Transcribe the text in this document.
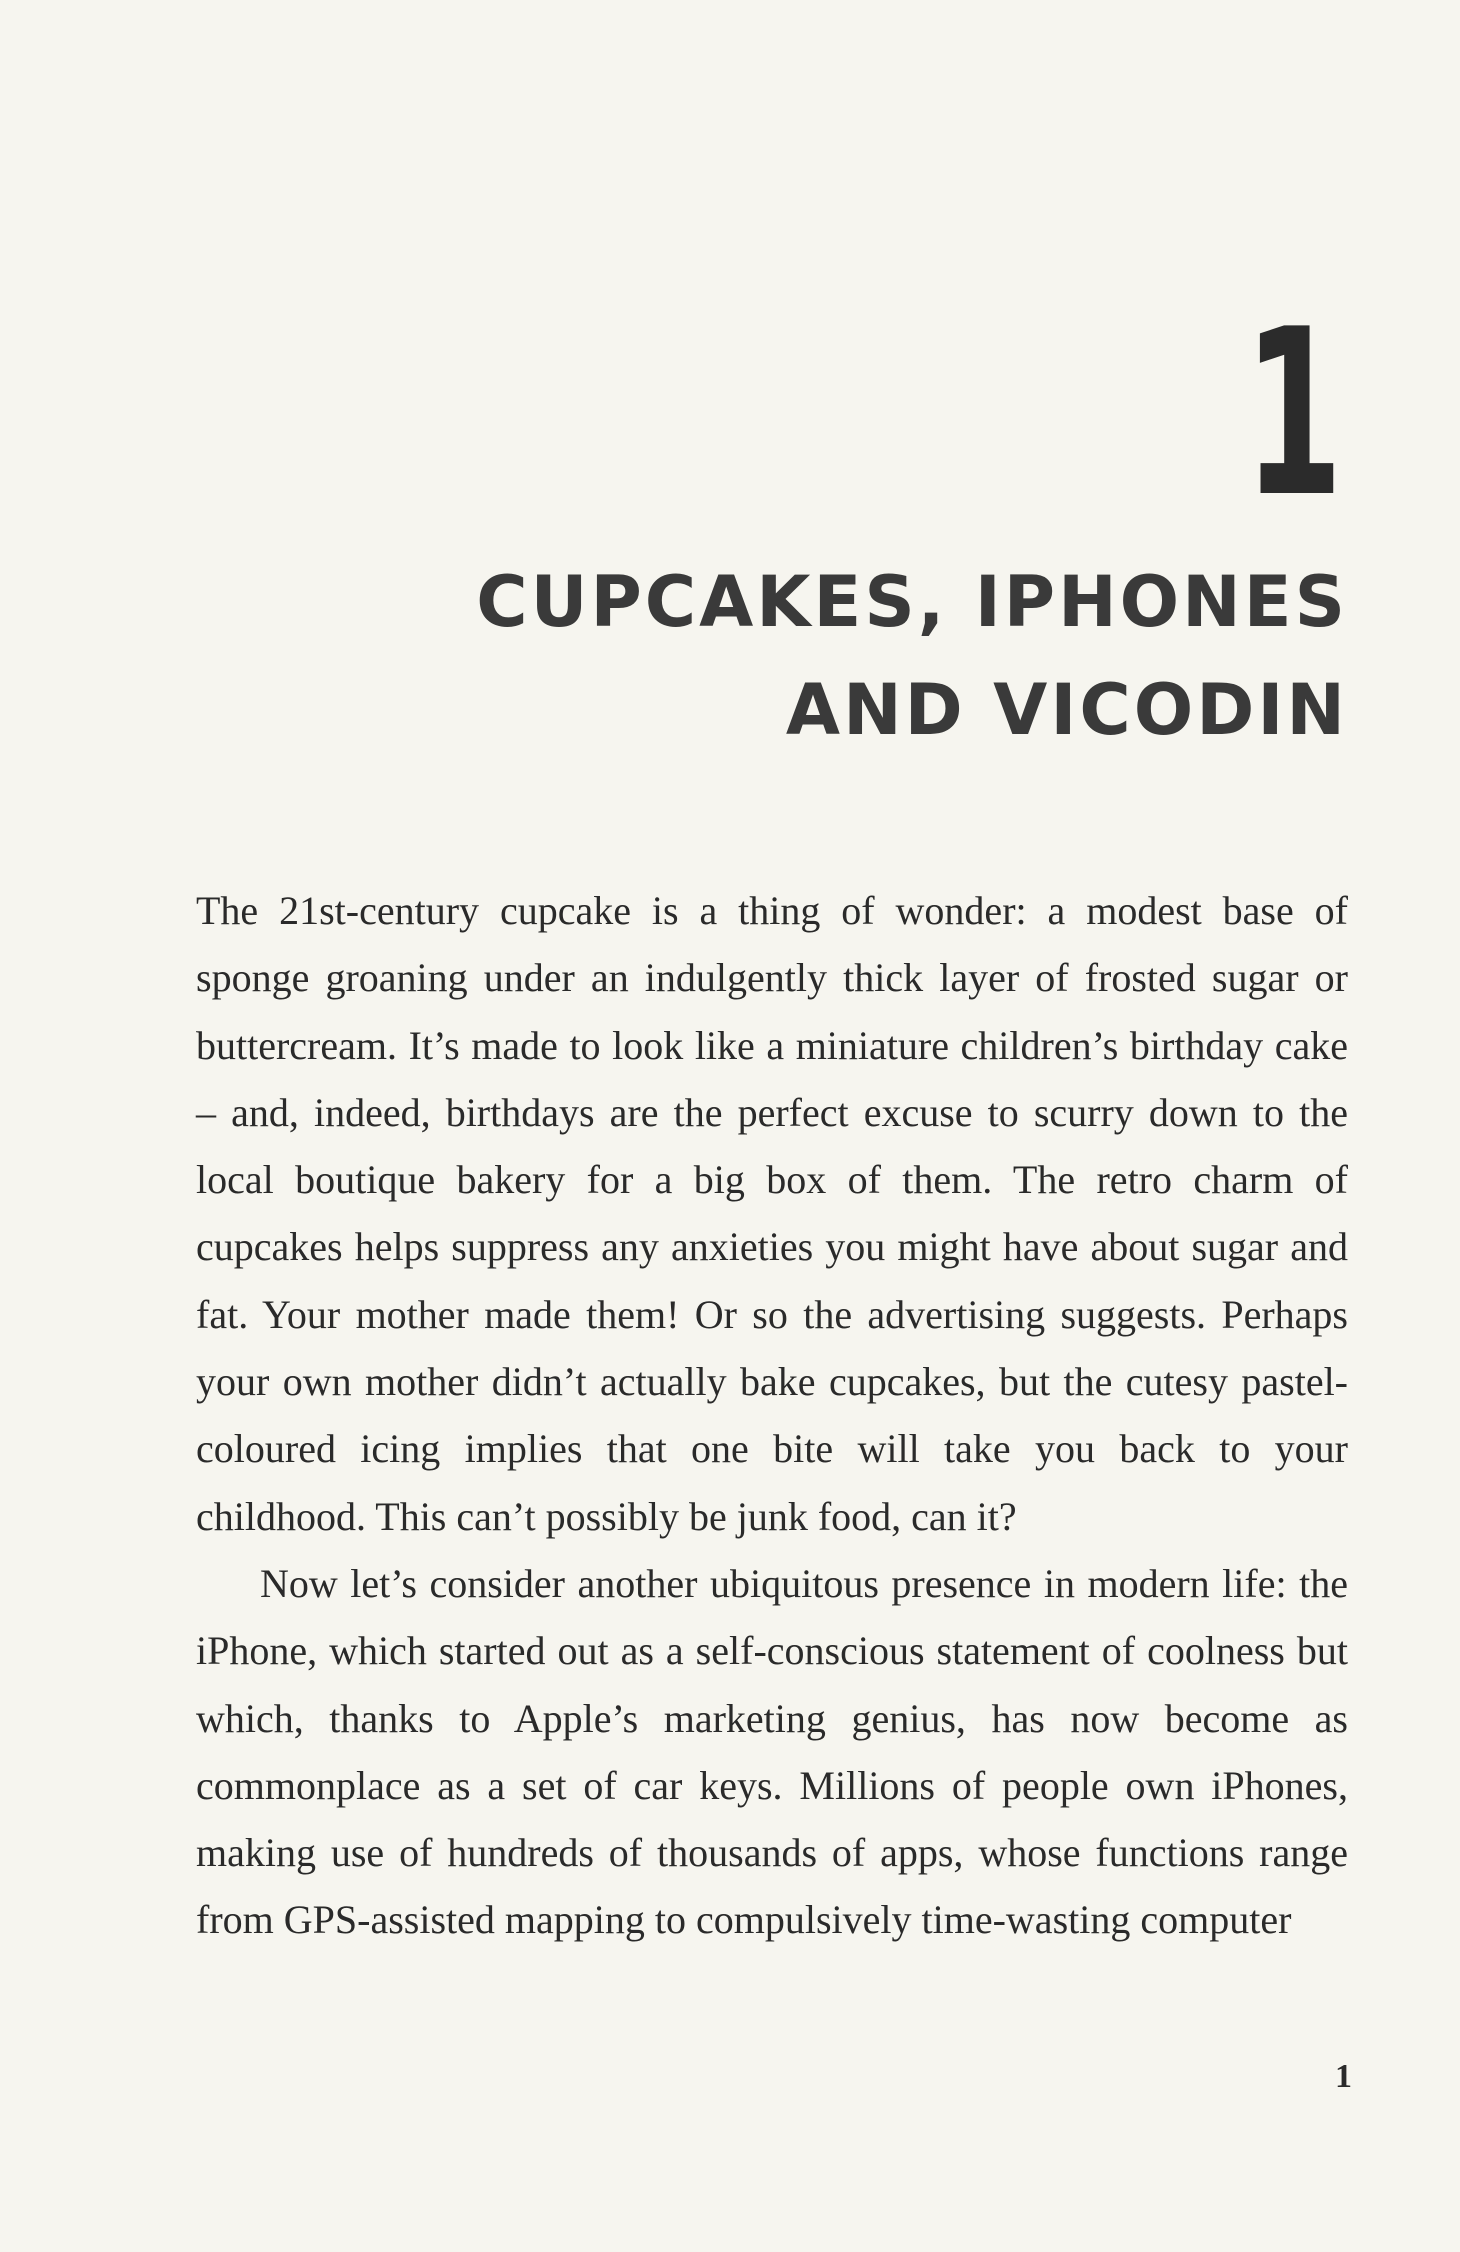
1
CUPCAKES, IPHONES
AND VICODIN

The 21st-century cupcake is a thing of wonder: a modest base of sponge groaning under an indulgently thick layer of frosted sugar or buttercream. It’s made to look like a miniature children’s birthday cake – and, indeed, birthdays are the perfect excuse to scurry down to the local boutique bakery for a big box of them. The retro charm of cupcakes helps suppress any anxieties you might have about sugar and fat. Your mother made them! Or so the advertising suggests. Perhaps your own mother didn’t actually bake cupcakes, but the cutesy pastel-coloured icing implies that one bite will take you back to your childhood. This can’t possibly be junk food, can it?

Now let’s consider another ubiquitous presence in modern life: the iPhone, which started out as a self-conscious statement of coolness but which, thanks to Apple’s marketing genius, has now become as commonplace as a set of car keys. Millions of people own iPhones, making use of hundreds of thousands of apps, whose functions range from GPS-assisted mapping to compulsively time-wasting computer

1
